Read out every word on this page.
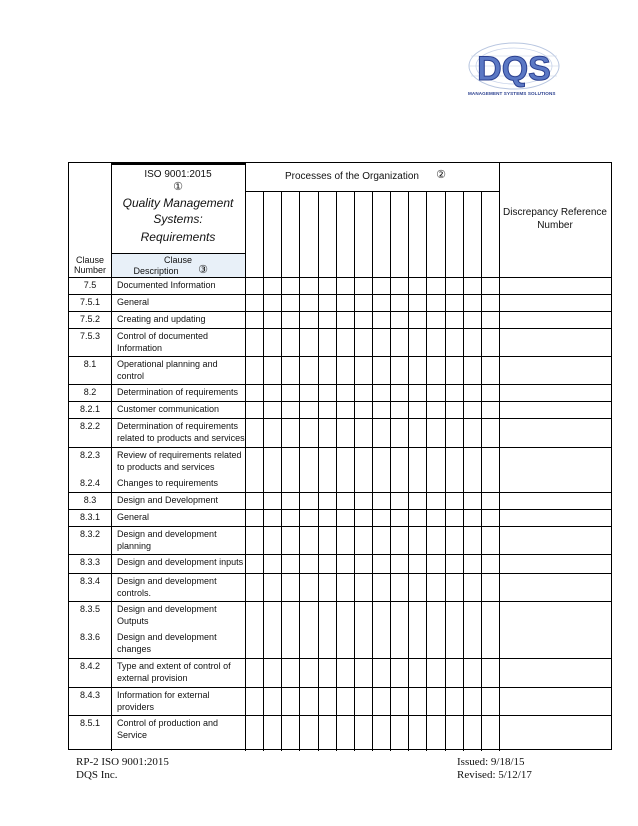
DQS
MANAGEMENT SYSTEMS SOLUTIONS
ISO 9001:2015
①
Quality Management
Systems:
Requirements
Processes of the Organization	②
Discrepancy Reference
Number
Clause
Number
Clause
Description	③
7.5	Documented Information
7.5.1	General
7.5.2	Creating and updating
7.5.3	Control of documented Information
8.1	Operational planning and control
8.2	Determination of requirements
8.2.1	Customer communication
8.2.2	Determination of requirements related to products and services
8.2.3	Review of requirements related to products and services
8.2.4	Changes to requirements
8.3	Design and Development
8.3.1	General
8.3.2	Design and development planning
8.3.3	Design and development inputs
8.3.4	Design and development controls.
8.3.5	Design and development Outputs
8.3.6	Design and development changes
8.4.2	Type and extent of control of external provision
8.4.3	Information for external providers
8.5.1	Control of production and Service
RP-2 ISO 9001:2015
DQS Inc.
Issued: 9/18/15
Revised: 5/12/17
